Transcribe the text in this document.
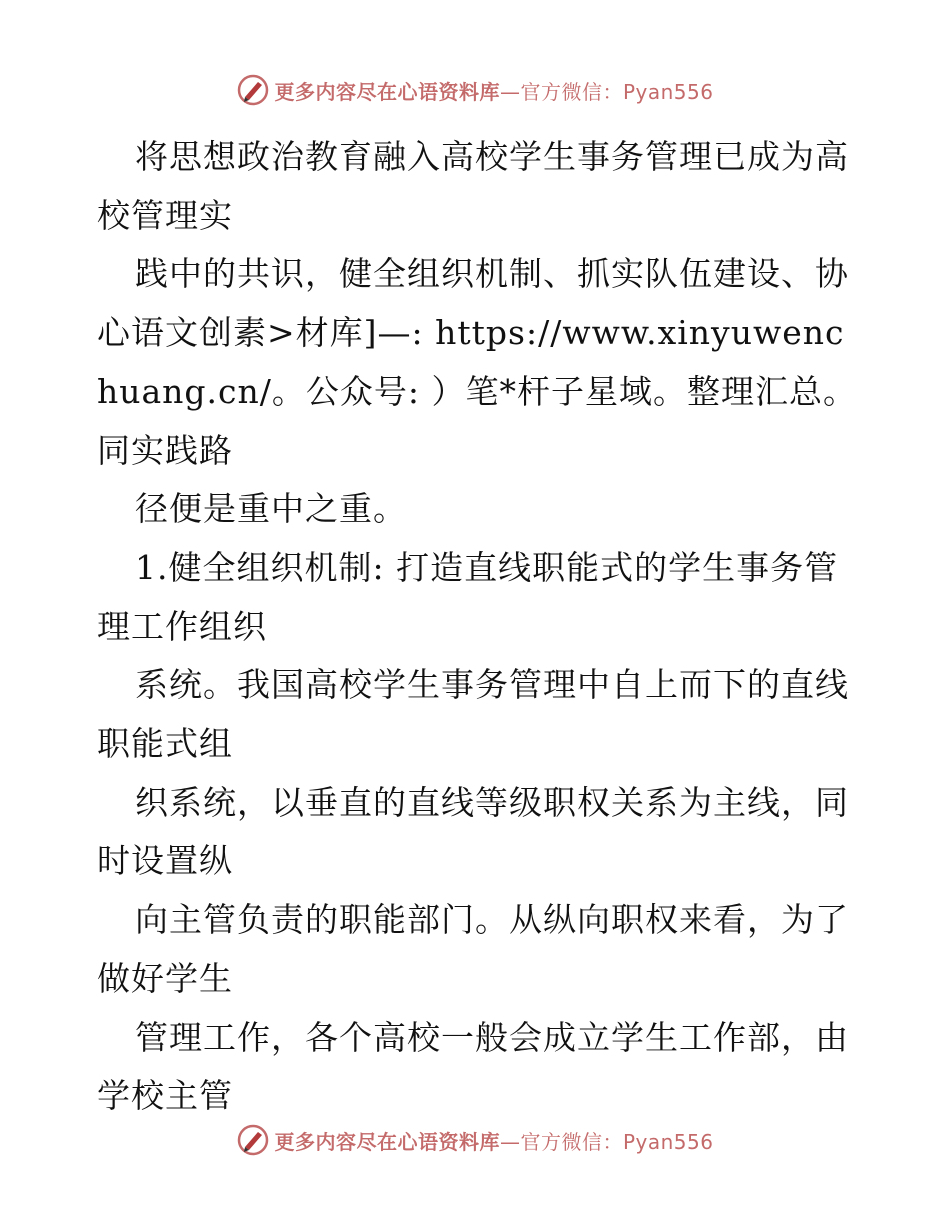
更多内容尽在心语资料库—官方微信：Pyan556

将思想政治教育融入高校学生事务管理已成为高校管理实

践中的共识，健全组织机制、抓实队伍建设、协心语文创素>材库]—: https://www.xinyuwenchuang.cn/。公众号: ）笔*杆子星域。整理汇总。同实践路

径便是重中之重。

1.健全组织机制: 打造直线职能式的学生事务管理工作组织

系统。我国高校学生事务管理中自上而下的直线职能式组

织系统，以垂直的直线等级职权关系为主线，同时设置纵

向主管负责的职能部门。从纵向职权来看，为了做好学生

管理工作，各个高校一般会成立学生工作部，由学校主管

更多内容尽在心语资料库—官方微信：Pyan556
